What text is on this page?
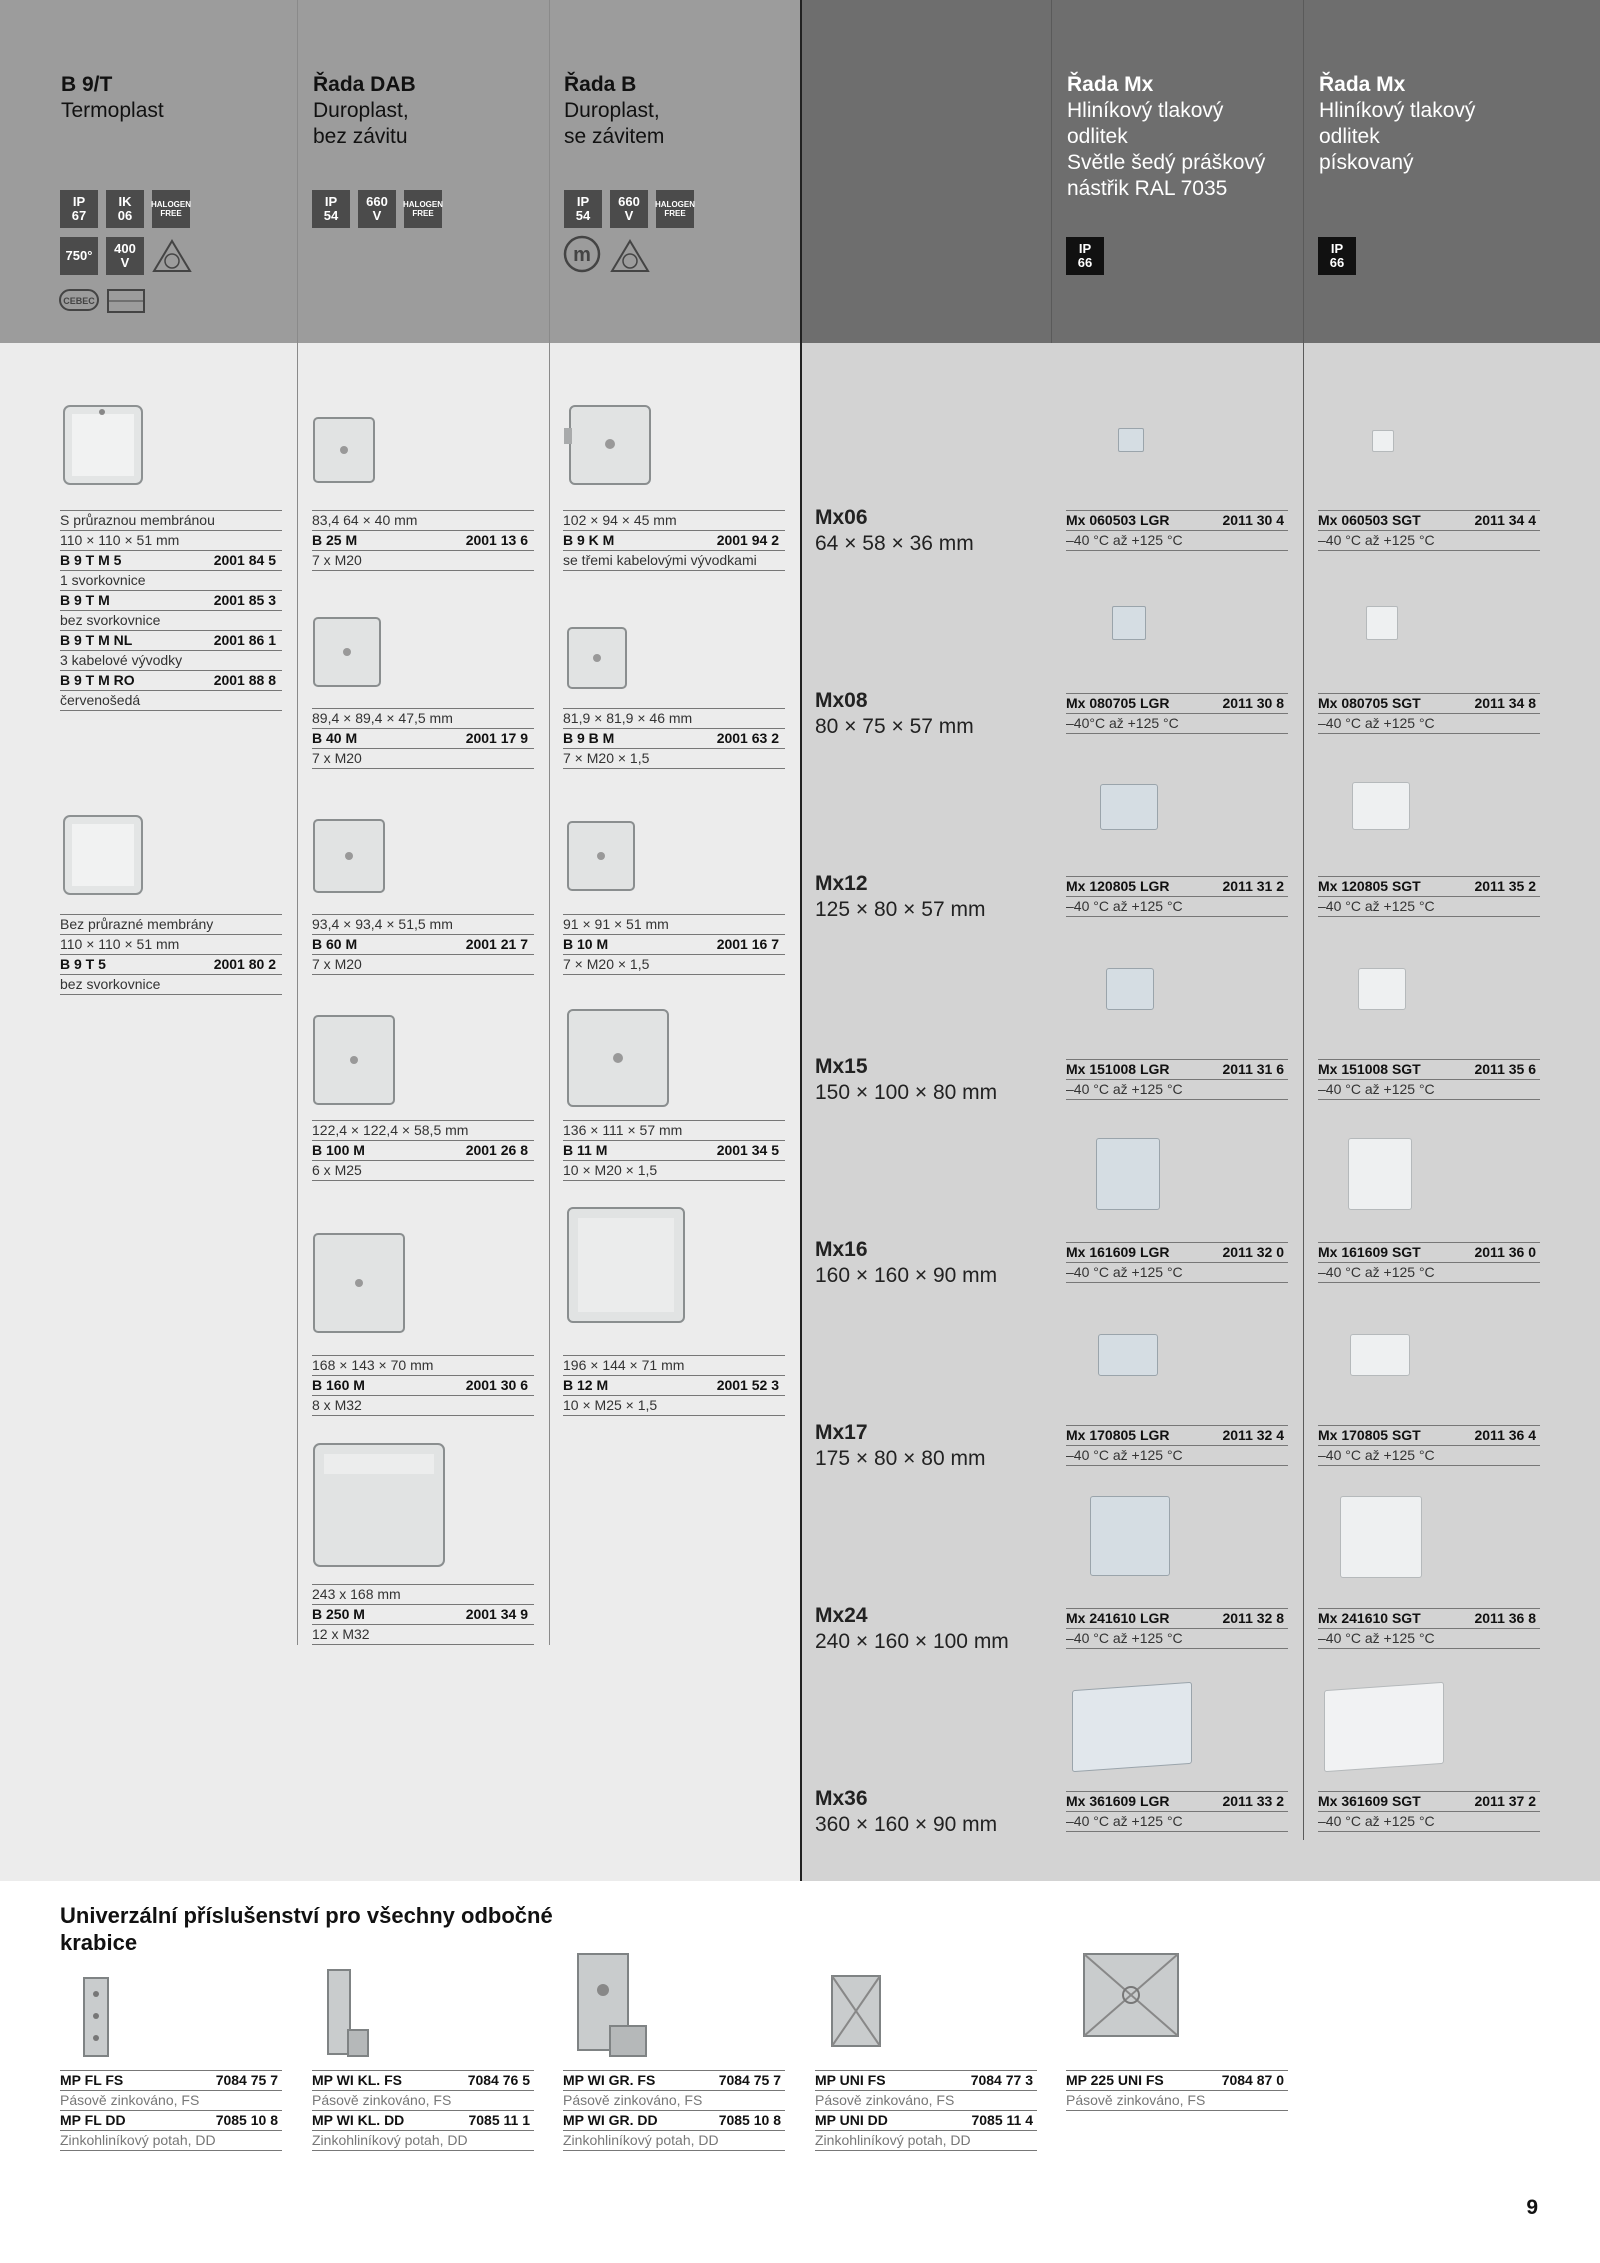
B 9/T
Termoplast
Řada DAB
Duroplast,
bez závitu
Řada B
Duroplast,
se závitem
Řada Mx
Hliníkový tlakový
odlitek
Světle šedý práškový
nástřik RAL 7035
Řada Mx
Hliníkový tlakový
odlitek
pískovaný
IP
67
IK
06
HALOGEN
FREE
750°	400
V
CEBEC
IP
54
660
V
HALOGEN
FREE
IP
54
660
V
HALOGEN
FREE
m	IP
66
IP
66
S průraznou membránou
110 × 110 × 51 mm
B 9 T M 5	2001 84 5
1 svorkovnice
B 9 T M	2001 85 3
bez svorkovnice
B 9 T M NL	2001 86 1
3 kabelové vývodky
B 9 T M RO	2001 88 8
červenošedá
Bez průrazné membrány
110 × 110 × 51 mm
B 9 T 5	2001 80 2
bez svorkovnice
83,4 64 × 40 mm
B 25 M	2001 13 6
7 x M20
89,4 × 89,4 × 47,5 mm
B 40 M	2001 17 9
7 x M20
93,4 × 93,4 × 51,5 mm
B 60 M	2001 21 7
7 x M20
122,4 × 122,4 × 58,5 mm
B 100 M	2001 26 8
6 x M25
168 × 143 × 70 mm
B 160 M	2001 30 6
8 x M32
243 x 168 mm
B 250 M	2001 34 9
12 x M32
102 × 94 × 45 mm
B 9 K M	2001 94 2
se třemi kabelovými vývodkami
81,9 × 81,9 × 46 mm
B 9 B M	2001 63 2
7 × M20 × 1,5
91 × 91 × 51 mm
B 10 M	2001 16 7
7 × M20 × 1,5
136 × 111 × 57 mm
B 11 M	2001 34 5
10 × M20 × 1,5
196 × 144 × 71 mm
B 12 M	2001 52 3
10 × M25 × 1,5
Mx06
64 × 58 × 36 mm
Mx 060503 LGR	2011 30 4
–40 °C až +125 °C
Mx 060503 SGT	2011 34 4
–40 °C až +125 °C
Mx08
80 × 75 × 57 mm
Mx 080705 LGR	2011 30 8
–40°C až +125 °C
Mx 080705 SGT	2011 34 8
–40 °C až +125 °C
Mx12
125 × 80 × 57 mm
Mx 120805 LGR	2011 31 2
–40 °C až +125 °C
Mx 120805 SGT	2011 35 2
–40 °C až +125 °C
Mx15
150 × 100 × 80 mm
Mx 151008 LGR	2011 31 6
–40 °C až +125 °C
Mx 151008 SGT	2011 35 6
–40 °C až +125 °C
Mx16
160 × 160 × 90 mm
Mx 161609 LGR	2011 32 0
–40 °C až +125 °C
Mx 161609 SGT	2011 36 0
–40 °C až +125 °C
Mx17
175 × 80 × 80 mm
Mx 170805 LGR	2011 32 4
–40 °C až +125 °C
Mx 170805 SGT	2011 36 4
–40 °C až +125 °C
Mx24
240 × 160 × 100 mm
Mx 241610 LGR	2011 32 8
–40 °C až +125 °C
Mx 241610 SGT	2011 36 8
–40 °C až +125 °C
Mx36
360 × 160 × 90 mm
Mx 361609 LGR	2011 33 2
–40 °C až +125 °C
Mx 361609 SGT	2011 37 2
–40 °C až +125 °C
Univerzální příslušenství pro všechny odbočné krabice
MP FL FS	7084 75 7
Pásově zinkováno, FS
MP FL DD	7085 10 8
Zinkohliníkový potah, DD
MP WI KL. FS	7084 76 5
Pásově zinkováno, FS
MP WI KL. DD	7085 11 1
Zinkohliníkový potah, DD
MP WI GR. FS	7084 75 7
Pásově zinkováno, FS
MP WI GR. DD	7085 10 8
Zinkohliníkový potah, DD
MP UNI FS	7084 77 3
Pásově zinkováno, FS
MP UNI DD	7085 11 4
Zinkohliníkový potah, DD
MP 225 UNI FS	7084 87 0
Pásově zinkováno, FS
9
